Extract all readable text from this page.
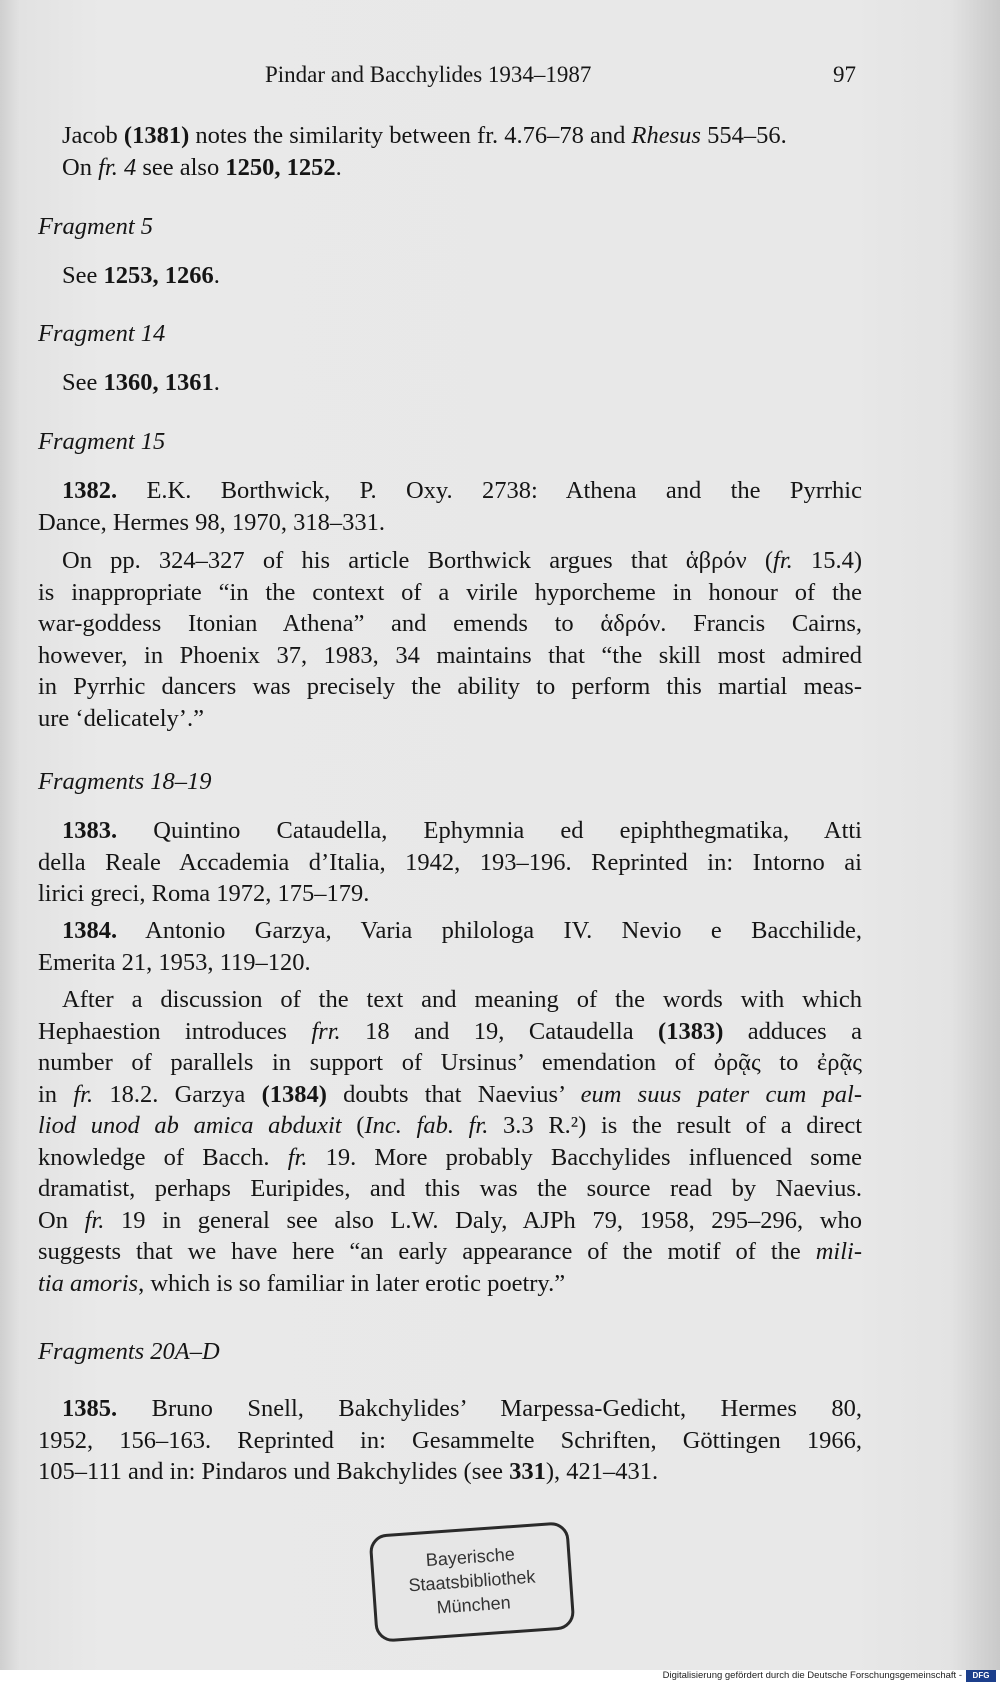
Pindar and Bacchylides 1934–1987	97
Jacob (1381) notes the similarity between fr. 4.76–78 and Rhesus 554–56.
On fr. 4 see also 1250, 1252.
Fragment 5
See 1253, 1266.
Fragment 14
See 1360, 1361.
Fragment 15
1382. E.K. Borthwick, P. Oxy. 2738: Athena and the Pyrrhic
Dance, Hermes 98, 1970, 318–331.
On pp. 324–327 of his article Borthwick argues that ἁβρόν (fr. 15.4)
is inappropriate “in the context of a virile hyporcheme in honour of the
war-goddess Itonian Athena” and emends to ἁδρόν. Francis Cairns,
however, in Phoenix 37, 1983, 34 maintains that “the skill most admired
in Pyrrhic dancers was precisely the ability to perform this martial meas-
ure ‘delicately’.”
Fragments 18–19
1383. Quintino Cataudella, Ephymnia ed epiphthegmatika, Atti
della Reale Accademia d’Italia, 1942, 193–196. Reprinted in: Intorno ai
lirici greci, Roma 1972, 175–179.
1384. Antonio Garzya, Varia philologa IV. Nevio e Bacchilide,
Emerita 21, 1953, 119–120.
After a discussion of the text and meaning of the words with which
Hephaestion introduces frr. 18 and 19, Cataudella (1383) adduces a
number of parallels in support of Ursinus’ emendation of ὀρᾷς to ἐρᾷς
in fr. 18.2. Garzya (1384) doubts that Naevius’ eum suus pater cum pal-
liod unod ab amica abduxit (Inc. fab. fr. 3.3 R.²) is the result of a direct
knowledge of Bacch. fr. 19. More probably Bacchylides influenced some
dramatist, perhaps Euripides, and this was the source read by Naevius.
On fr. 19 in general see also L.W. Daly, AJPh 79, 1958, 295–296, who
suggests that we have here “an early appearance of the motif of the mili-
tia amoris, which is so familiar in later erotic poetry.”
Fragments 20A–D
1385. Bruno Snell, Bakchylides’ Marpessa-Gedicht, Hermes 80,
1952, 156–163. Reprinted in: Gesammelte Schriften, Göttingen 1966,
105–111 and in: Pindaros und Bakchylides (see 331), 421–431.
Bayerische
Staatsbibliothek
München
Digitalisierung gefördert durch die Deutsche Forschungsgemeinschaft -	DFG
